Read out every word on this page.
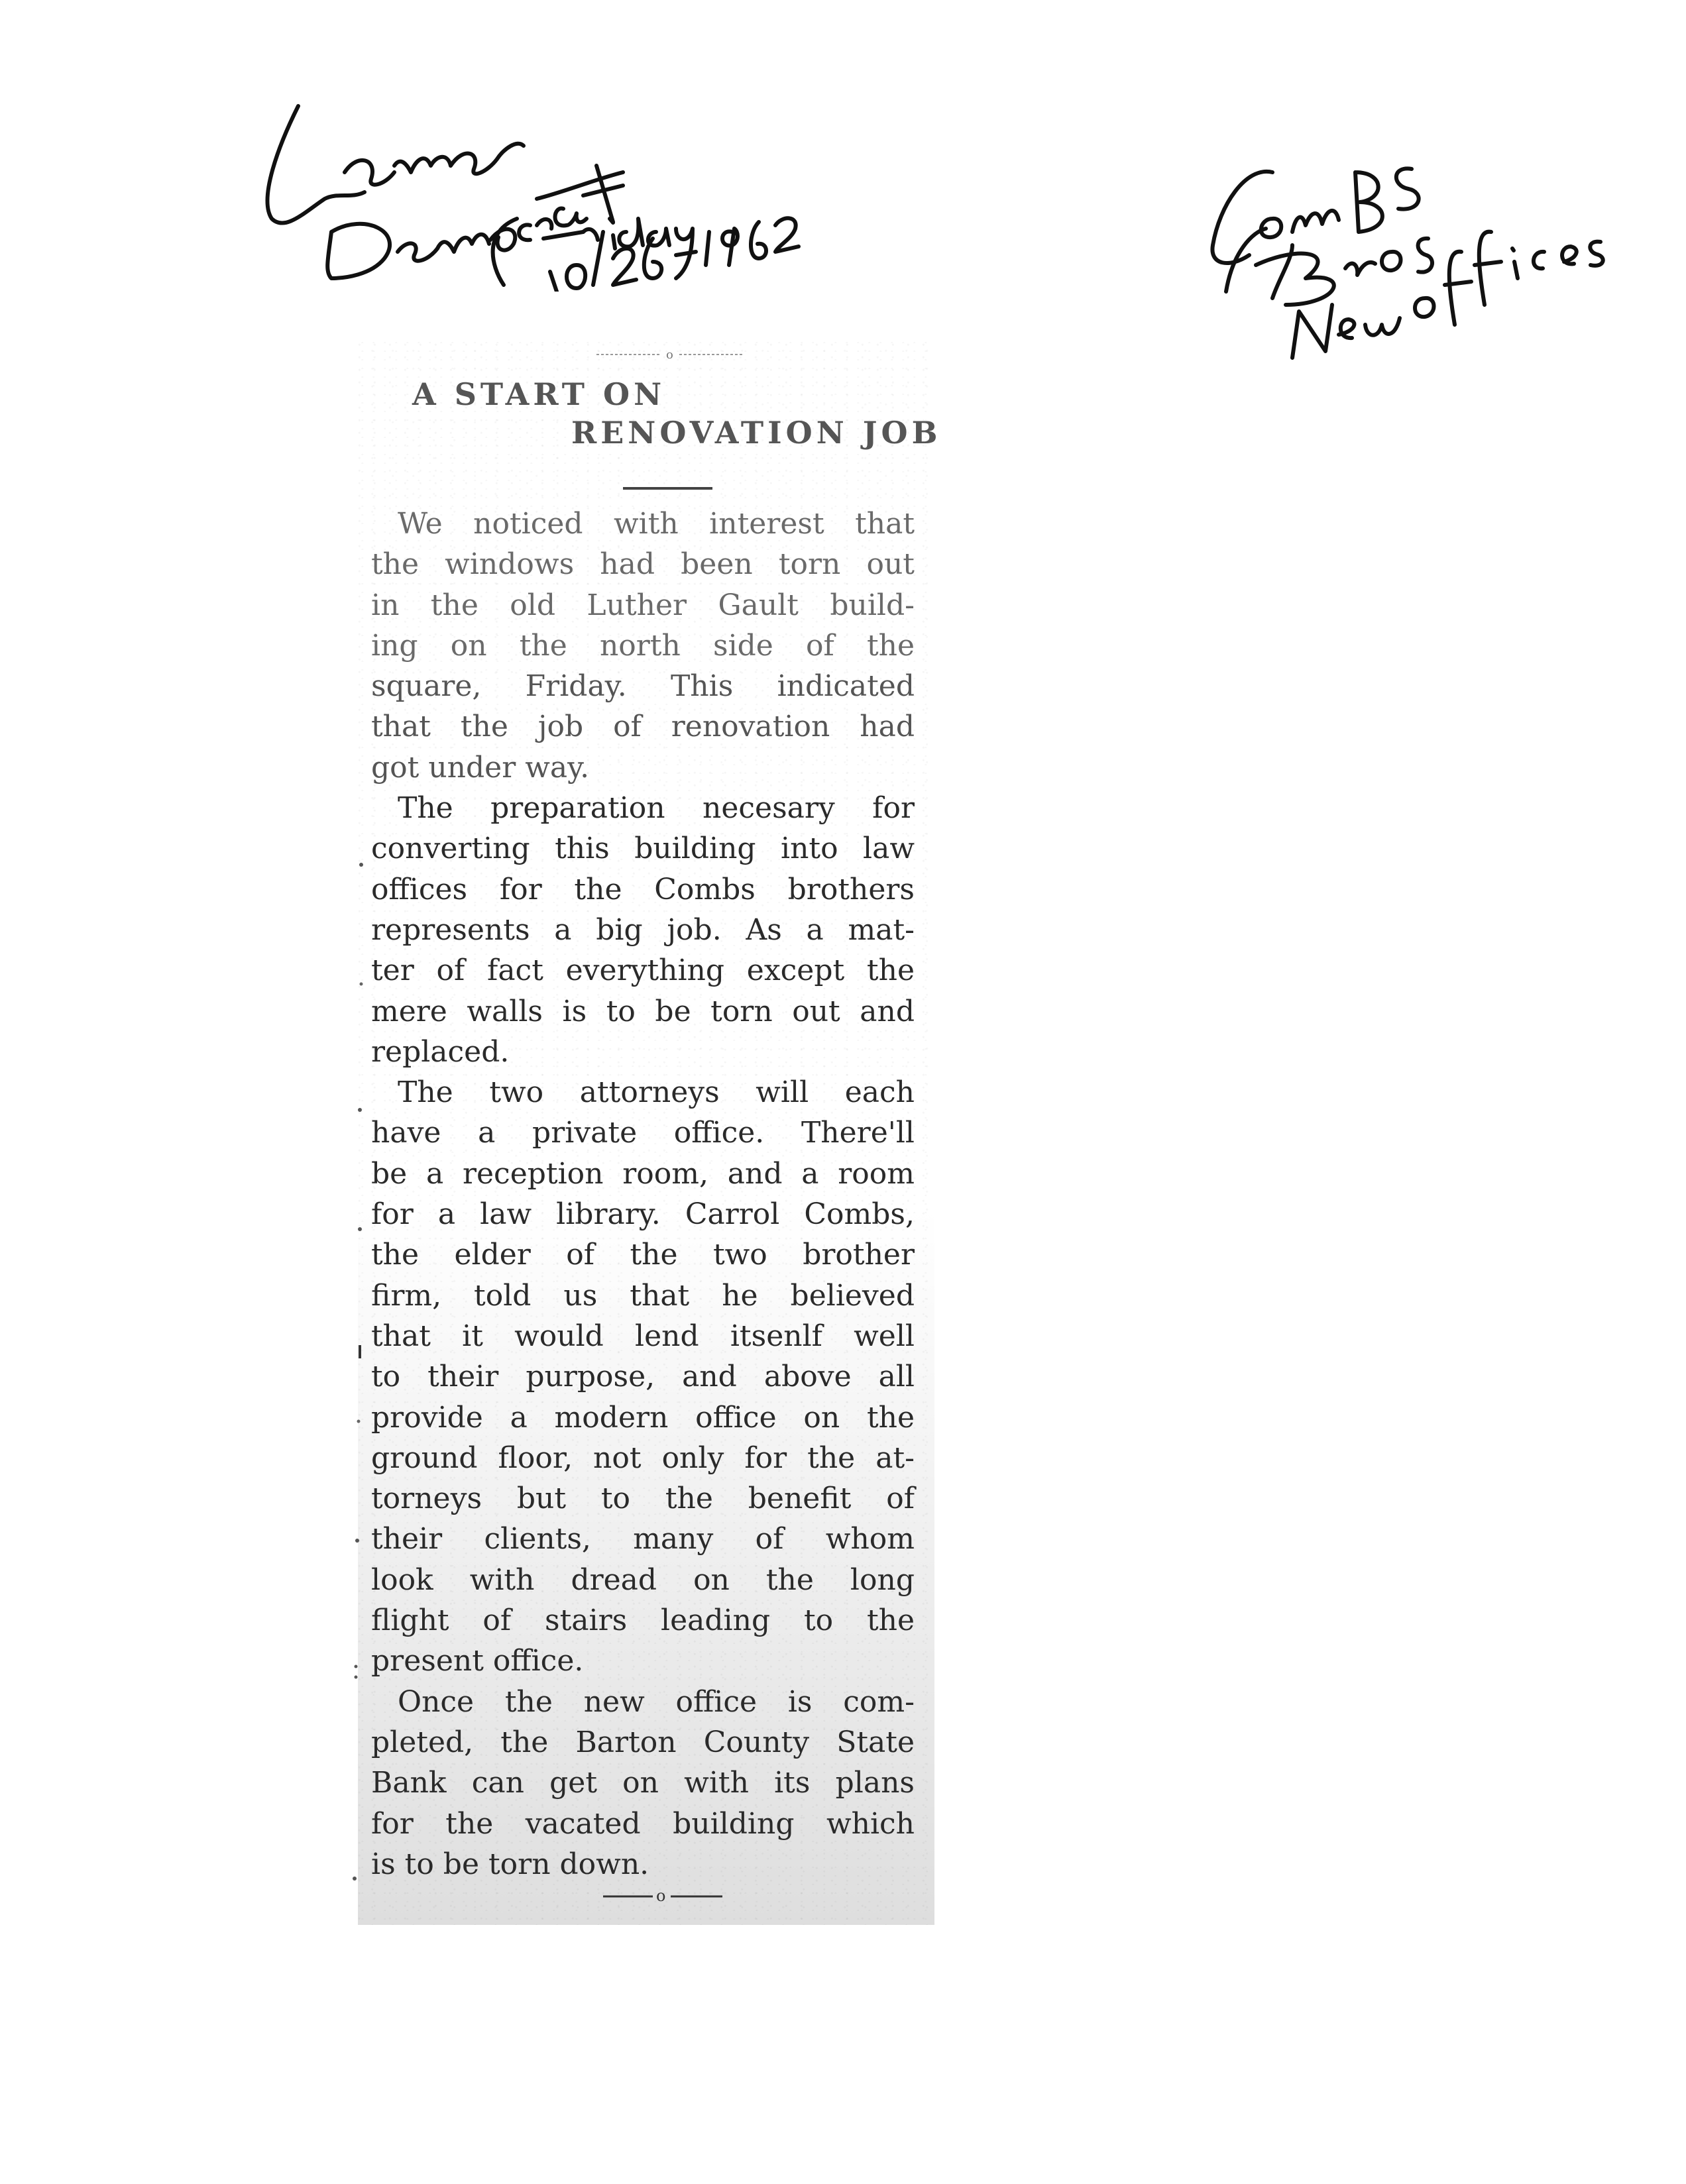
o
A START ON
RENOVATION JOB
We noticed with interest that
the windows had been torn out
in the old Luther Gault build-
ing on the north side of the
square, Friday. This indicated
that the job of renovation had
got under way.
The preparation necesary for
converting this building into law
offices for the Combs brothers
represents a big job. As a mat-
ter of fact everything except the
mere walls is to be torn out and
replaced.
The two attorneys will each
have a private office. There'll
be a reception room, and a room
for a law library. Carrol Combs,
the elder of the two brother
firm, told us that he believed
that it would lend itsenlf well
to their purpose, and above all
provide a modern office on the
ground floor, not only for the at-
torneys but to the benefit of
their clients, many of whom
look with dread on the long
flight of stairs leading to the
present office.
Once the new office is com-
pleted, the Barton County State
Bank can get on with its plans
for the vacated building which
is to be torn down.
o
